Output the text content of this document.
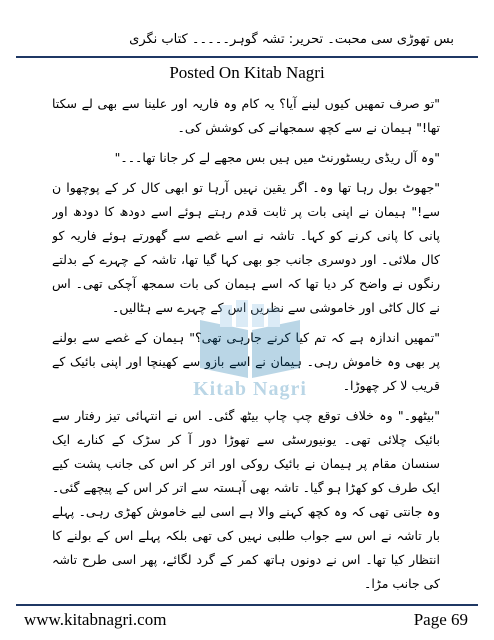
بس تھوڑی سی محبت۔ تحریر: تشہ گوہر۔۔۔۔۔ کتاب نگری
Posted On Kitab Nagri

"تو صرف تمھیں کیوں لینے آیا؟ یہ کام وہ فاریہ اور علینا سے بھی لے سکتا تھا!" ہیمان نے سے کچھ سمجھانے کی کوشش کی۔

"وہ آل ریڈی ریسٹورنٹ میں ہیں بس مجھے لے کر جانا تھا۔۔۔"

"جھوٹ بول رہا تھا وہ۔ اگر یقین نہیں آرہا تو ابھی کال کر کے پوچھوا ن سے!" ہیمان نے اپنی بات پر ثابت قدم رہتے ہوئے اسے دودھ کا دودھ اور پانی کا پانی کرنے کو کہا۔ تاشہ نے اسے غصے سے گھورتے ہوئے فاریہ کو کال ملائی۔ اور دوسری جانب جو بھی کہا گیا تھا، تاشہ کے چہرے کے بدلتے رنگوں نے واضح کر دیا تھا کہ اسے ہیمان کی بات سمجھ آچکی تھی۔ اس نے کال کاٹی اور خاموشی سے نظریں اس کے چہرے سے ہٹالیں۔

"تمھیں اندازہ ہے کہ تم کیا کرنے جارہی تھی؟" ہیمان کے غصے سے بولنے پر بھی وہ خاموش رہی۔ ہیمان نے اسے بازو سے کھینچا اور اپنی بائیک کے قریب لا کر چھوڑا۔

"بیٹھو۔" وہ خلاف توقع چپ چاپ بیٹھ گئی۔ اس نے انتہائی تیز رفتار سے بائیک چلائی تھی۔ یونیورسٹی سے تھوڑا دور آ کر سڑک کے کنارے ایک سنسان مقام پر ہیمان نے بائیک روکی اور اتر کر اس کی جانب پشت کیے ایک طرف کو کھڑا ہو گیا۔ تاشہ بھی آہستہ سے اتر کر اس کے پیچھے گئی۔ وہ جانتی تھی کہ وہ کچھ کہنے والا ہے اسی لیے خاموش کھڑی رہی۔ پہلے بار تاشہ نے اس سے جواب طلبی نہیں کی تھی بلکہ پہلے اس کے بولنے کا انتظار کیا تھا۔ اس نے دونوں ہاتھ کمر کے گرد لگائے، پھر اسی طرح تاشہ کی جانب مڑا۔

Kitab Nagri
www.kitabnagri.com	Page 69
